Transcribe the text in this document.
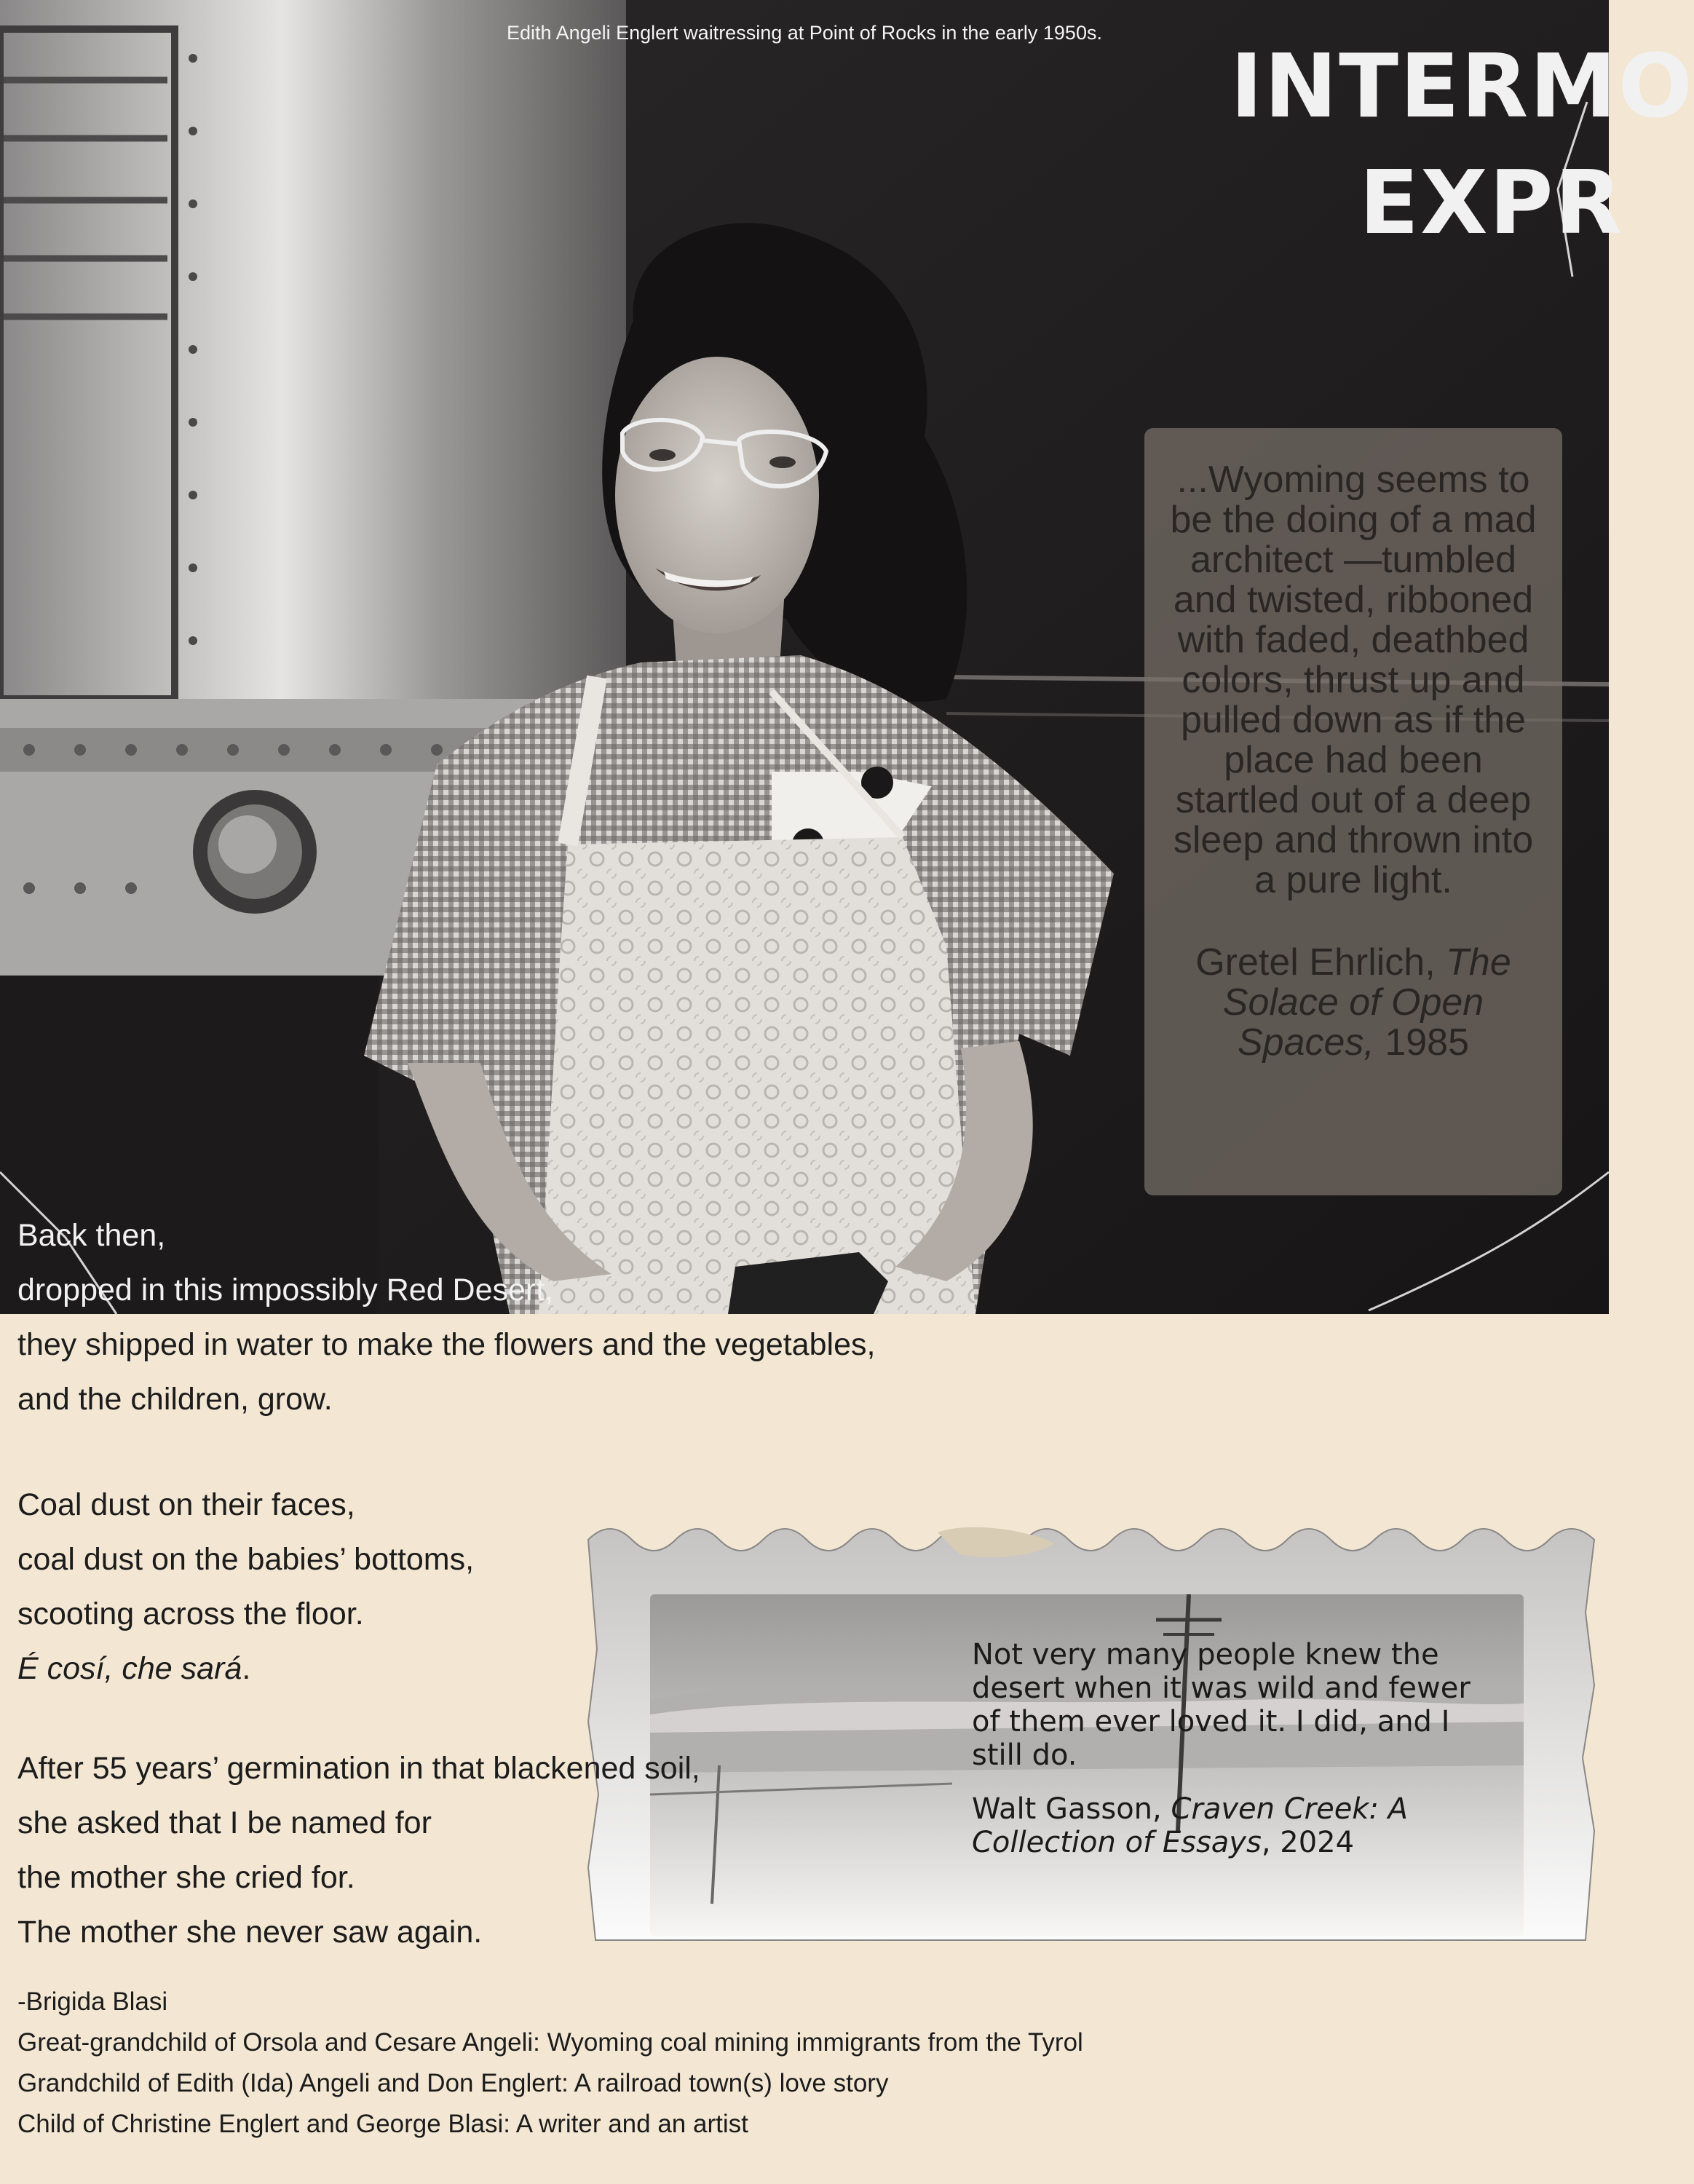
Edith Angeli Englert waitressing at Point of Rocks in the early 1950s.
INTERMO
EXPR
...Wyoming seems to be the doing of a mad architect —tumbled and twisted, ribboned with faded, deathbed colors, thrust up and pulled down as if the place had been startled out of a deep sleep and thrown into a pure light.
Gretel Ehrlich, The Solace of Open Spaces, 1985
Back then,
dropped in this impossibly Red Desert,
they shipped in water to make the flowers and the vegetables,
and the children, grow.
Not very many people knew the desert when it was wild and fewer of them ever loved it. I did, and I still do.
Walt Gasson, Craven Creek: A Collection of Essays, 2024
Coal dust on their faces,
coal dust on the babies’ bottoms,
scooting across the floor.
É cosí, che sará.
After 55 years’ germination in that blackened soil,
she asked that I be named for
the mother she cried for.
The mother she never saw again.
-Brigida Blasi
Great-grandchild of Orsola and Cesare Angeli: Wyoming coal mining immigrants from the Tyrol
Grandchild of Edith (Ida) Angeli and Don Englert: A railroad town(s) love story
Child of Christine Englert and George Blasi: A writer and an artist
